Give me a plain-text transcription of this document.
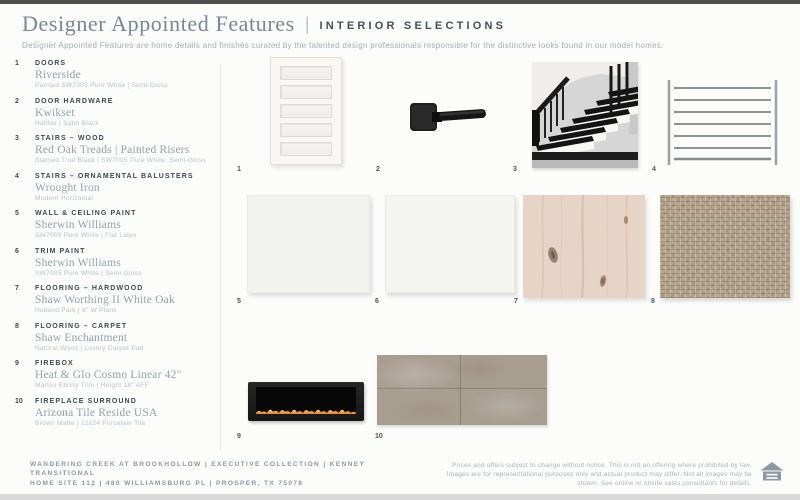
Designer Appointed Features | INTERIOR SELECTIONS
Designer Appointed Features are home details and finishes curated by the talented design professionals responsible for the distinctive looks found in our model homes.
1	DOORS
Riverside
Painted SW7005 Pure White | Semi-Gloss
2	DOOR HARDWARE
Kwikset
Halifax | Satin Black
3	STAIRS – WOOD
Red Oak Treads | Painted Risers
Stained True Black | SW7005 Pure White, Semi-Gloss
4	STAIRS – ORNAMENTAL BALUSTERS
Wrought Iron
Modern Horizontal
5	WALL & CEILING PAINT
Sherwin Williams
SW7005 Pure White | Flat Latex
6	TRIM PAINT
Sherwin Williams
SW7005 Pure White | Semi-Gloss
7	FLOORING – HARDWOOD
Shaw Worthing II White Oak
Holland Park | 8" W Plank
8	FLOORING – CARPET
Shaw Enchantment
Natural Wood | Luxury Carpet Pad
9	FIREBOX
Heat & Glo Cosmo Linear 42"
Martini Ebony Trim | Height 18" AFF
10	FIREPLACE SURROUND
Arizona Tile Reside USA
Brown Matte | 12x24 Porcelain Tile
1	2	3	4
5	6	7	8
9	10
WANDERING CREEK AT BROOKHOLLOW | EXECUTIVE COLLECTION | KENNEY TRANSITIONAL
HOME SITE 112 | 480 WILLIAMSBURG PL | PROSPER, TX 75078
Prices and offers subject to change without notice. This is not an offering where prohibited by law. Images are for representational purposes only and actual product may differ. Not all images may be shown. See online or onsite sales consultants for details.
